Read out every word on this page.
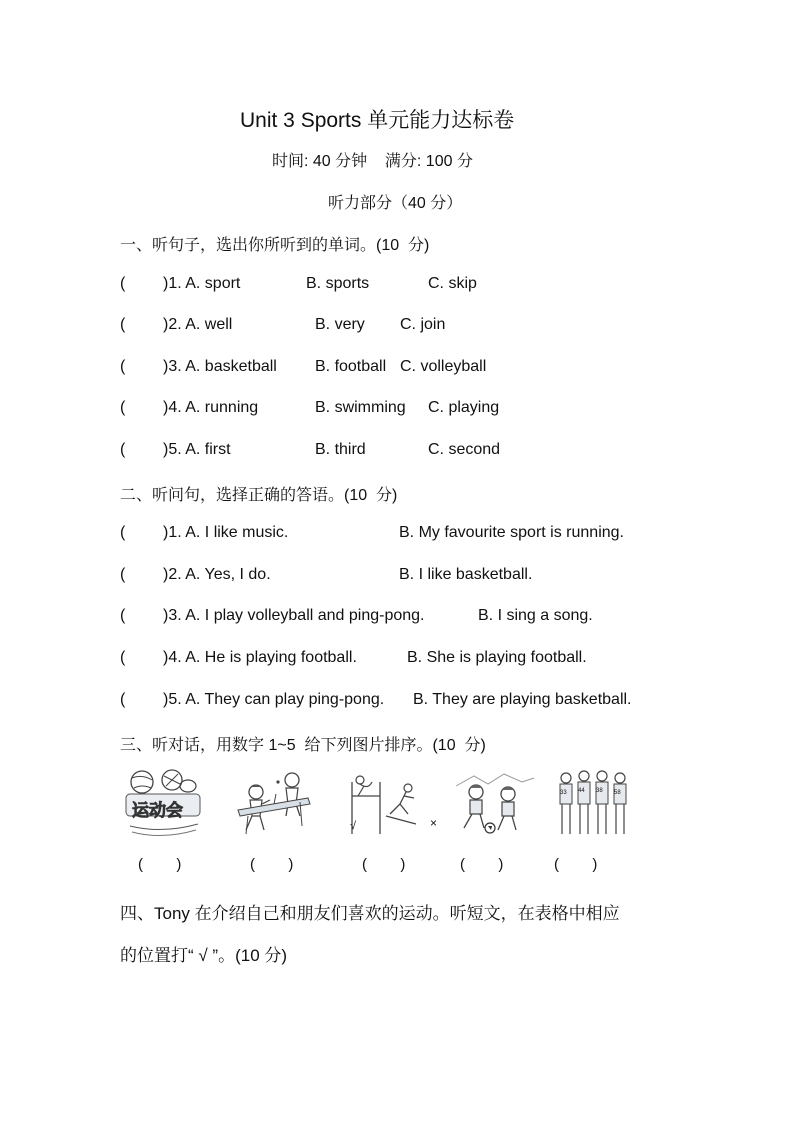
Unit 3 Sports 单元能力达标卷
时间: 40 分钟    满分: 100 分
听力部分（40 分）
一、听句子，选出你所听到的单词。(10  分)
( )1. A. sport	B. sports	C. skip
( )2. A. well	B. very C. join
( )3. A. basketball B. football C. volleyball
( )4. A. running	B. swimming C. playing
( )5. A. first	B. third	C. second
二、听问句，选择正确的答语。(10  分)
( )1. A. I like music.	B. My favourite sport is running.
( )2. A. Yes, I do.	B. I like basketball.
( )3. A. I play volleyball and ping-pong.	B. I sing a song.
( )4. A. He is playing football.	B. She is playing football.
( )5. A. They can play ping-pong. B. They are playing basketball.
三、听对话，用数字 1~5  给下列图片排序。(10  分)
运动会
√	×
33 44 38 58
(        )	(        )	(        )	(        )	(        )
四、Tony 在介绍自己和朋友们喜欢的运动。听短文，在表格中相应
的位置打“ √ ”。(10 分)
